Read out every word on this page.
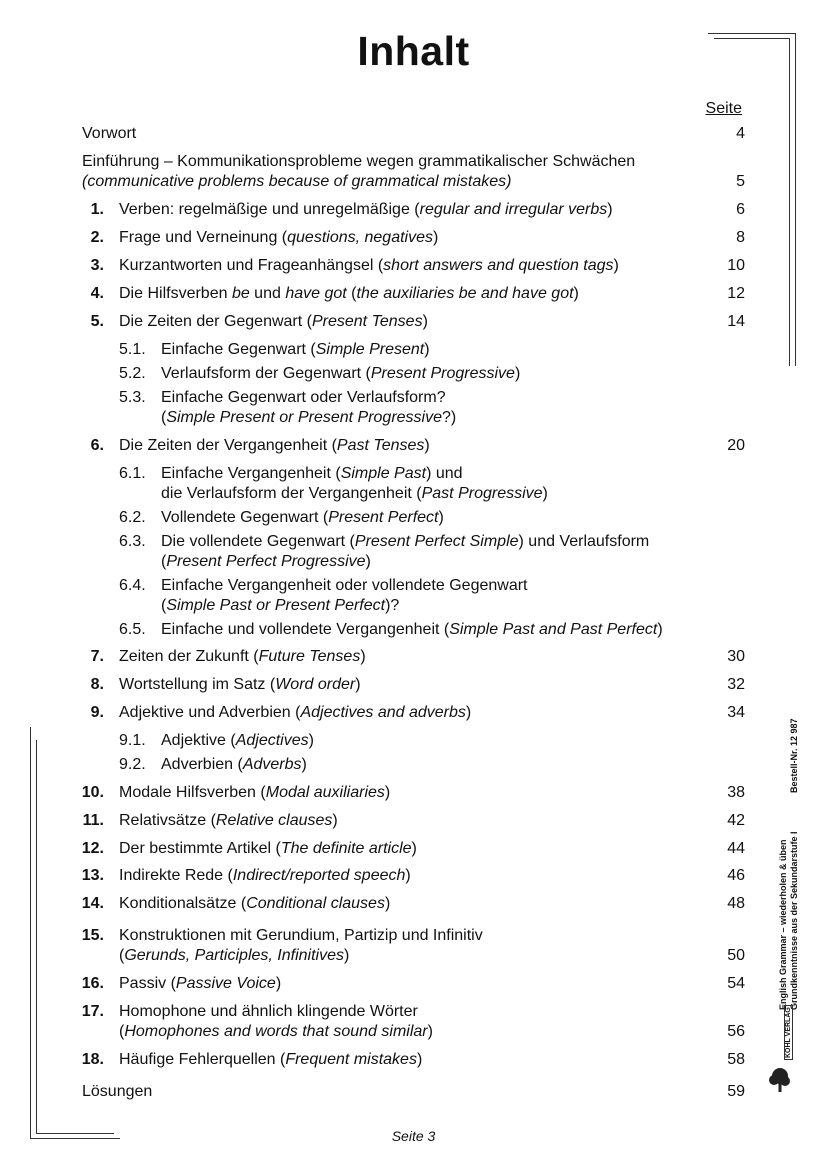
Inhalt
Seite
Vorwort	4
Einführung – Kommunikationsprobleme wegen grammatikalischer Schwächen
(communicative problems because of grammatical mistakes)	5
1. Verben: regelmäßige und unregelmäßige (regular and irregular verbs)	6
2. Frage und Verneinung (questions, negatives)	8
3. Kurzantworten und Frageanhängsel (short answers and question tags)	10
4. Die Hilfsverben be und have got (the auxiliaries be and have got)	12
5. Die Zeiten der Gegenwart (Present Tenses)	14
5.1. Einfache Gegenwart (Simple Present)
5.2. Verlaufsform der Gegenwart (Present Progressive)
5.3. Einfache Gegenwart oder Verlaufsform?
(Simple Present or Present Progressive?)
6. Die Zeiten der Vergangenheit (Past Tenses)	20
6.1. Einfache Vergangenheit (Simple Past) und
die Verlaufsform der Vergangenheit (Past Progressive)
6.2. Vollendete Gegenwart (Present Perfect)
6.3. Die vollendete Gegenwart (Present Perfect Simple) und Verlaufsform
(Present Perfect Progressive)
6.4. Einfache Vergangenheit oder vollendete Gegenwart
(Simple Past or Present Perfect)?
6.5. Einfache und vollendete Vergangenheit (Simple Past and Past Perfect)
7. Zeiten der Zukunft (Future Tenses)	30
8. Wortstellung im Satz (Word order)	32
9. Adjektive und Adverbien (Adjectives and adverbs)	34
9.1. Adjektive (Adjectives)
9.2. Adverbien (Adverbs)
10. Modale Hilfsverben (Modal auxiliaries)	38
11. Relativsätze (Relative clauses)	42
12. Der bestimmte Artikel (The definite article)	44
13. Indirekte Rede (Indirect/reported speech)	46
14. Konditionalsätze (Conditional clauses)	48
15. Konstruktionen mit Gerundium, Partizip und Infinitiv
(Gerunds, Participles, Infinitives)	50
16. Passiv (Passive Voice)	54
17. Homophone und ähnlich klingende Wörter
(Homophones and words that sound similar)	56
18. Häufige Fehlerquellen (Frequent mistakes)	58
Lösungen	59
Seite 3
English Grammar – wiederholen & üben Grundkenntnisse aus der Sekundarstufe I
Bestell-Nr. 12 987
KOHL VERLAG
